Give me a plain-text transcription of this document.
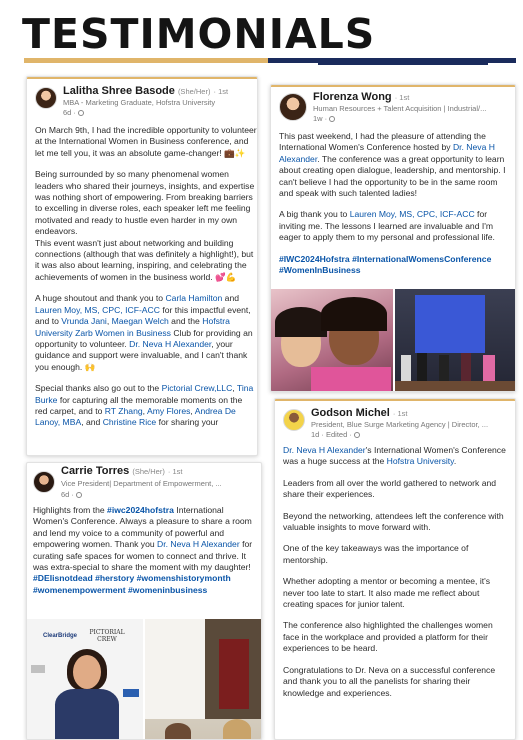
TESTIMONIALS
Lalitha Shree Basode (She/Her) · 1st
MBA - Marketing Graduate, Hofstra University
6d ·

On March 9th, I had the incredible opportunity to volunteer at the International Women in Business conference, and let me tell you, it was an absolute game-changer! 💼✨

Being surrounded by so many phenomenal women leaders who shared their journeys, insights, and expertise was nothing short of empowering. From breaking barriers to excelling in diverse roles, each speaker left me feeling motivated and ready to hustle even harder in my own endeavors.
This event wasn't just about networking and building connections (although that was definitely a highlight!), but it was also about learning, inspiring, and celebrating the achievements of women in the business world. 💕💪

A huge shoutout and thank you to Carla Hamilton and Lauren Moy, MS, CPC, ICF-ACC for this impactful event, and to Vrunda Jani, Maegan Welch and the Hofstra University Zarb Women in Business Club for providing an opportunity to volunteer. Dr. Neva H Alexander, your guidance and support were invaluable, and I can't thank you enough. 🙌

Special thanks also go out to the Pictorial Crew,LLC, Tina Burke for capturing all the memorable moments on the red carpet, and to RT Zhang, Amy Flores, Andrea De Lanoy, MBA, and Christine Rice for sharing your

Florenza Wong · 1st
Human Resources + Talent Acquisition | Industrial/...
1w ·

This past weekend, I had the pleasure of attending the International Women's Conference hosted by Dr. Neva H Alexander. The conference was a great opportunity to learn about creating open dialogue, leadership, and mentorship. I can't believe I had the opportunity to be in the same room and speak with such talented ladies!

A big thank you to Lauren Moy, MS, CPC, ICF-ACC for inviting me. The lessons I learned are invaluable and I'm eager to apply them to my personal and professional life.

#IWC2024Hofstra #InternationalWomensConference #WomenInBusiness

Godson Michel · 1st
President, Blue Surge Marketing Agency | Director, ...
1d · Edited ·

Dr. Neva H Alexander's International Women's Conference was a huge success at the Hofstra University.

Leaders from all over the world gathered to network and share their experiences.

Beyond the networking, attendees left the conference with valuable insights to move forward with.

One of the key takeaways was the importance of mentorship.

Whether adopting a mentor or becoming a mentee, it's never too late to start. It also made me reflect about creating spaces for junior talent.

The conference also highlighted the challenges women face in the workplace and provided a platform for their experiences to be heard.

Congratulations to Dr. Neva on a successful conference and thank you to all the panelists for sharing their knowledge and experiences.

Carrie Torres (She/Her) · 1st
Vice President| Department of Empowerment, ...
6d ·

Highlights from the #iwc2024hofstra International Women's Conference. Always a pleasure to share a room and lend my voice to a community of powerful and empowering women. Thank you Dr. Neva H Alexander for curating safe spaces for women to connect and thrive. It was extra-special to share the moment with my daughter! #DEIisnotdead #herstory #womenshistorymonth #womenempowerment #womeninbusiness

ClearBridge	PICTORIAL CREW
